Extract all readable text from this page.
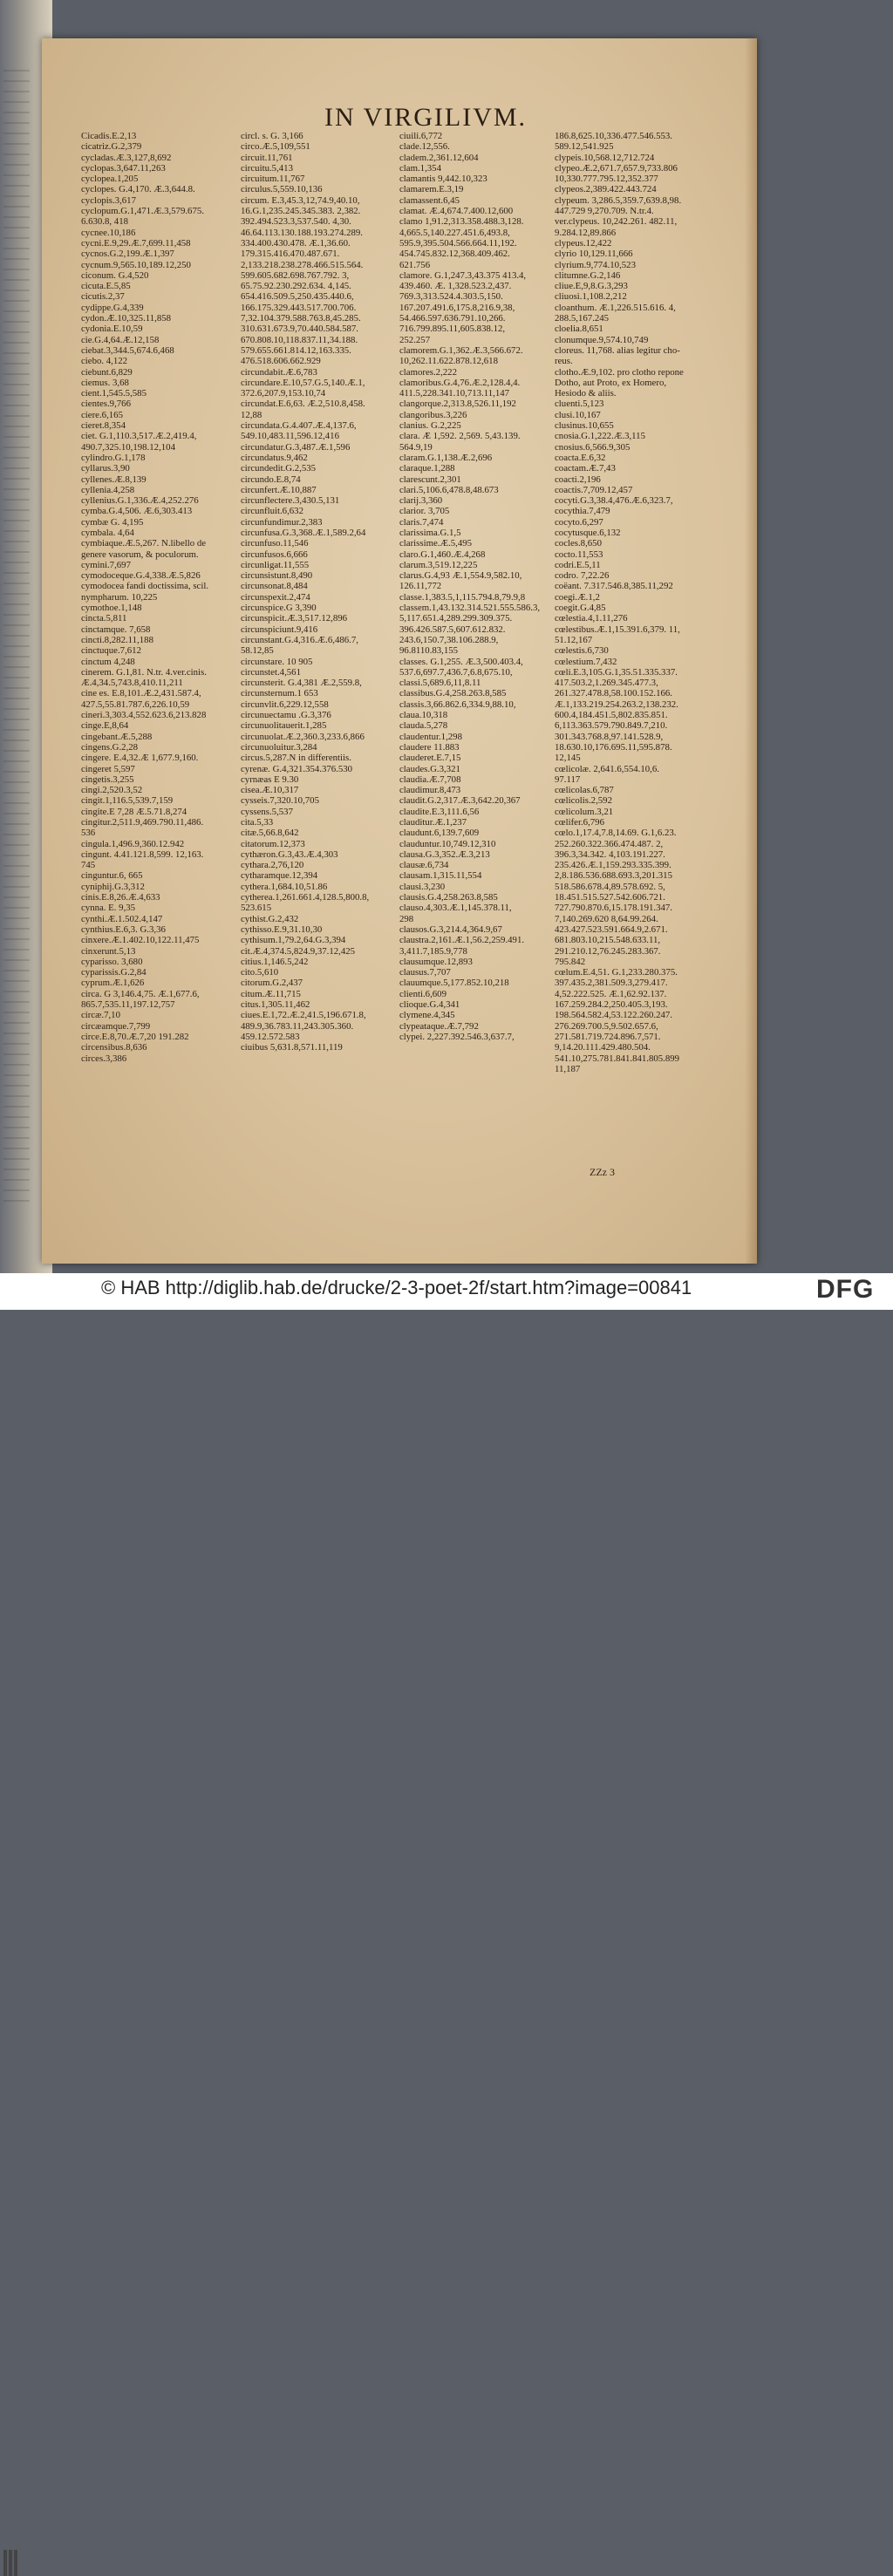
IN VIRGILIVM.
Cicadis.E.2,13
cicatriz.G.2,379
cycladas.Æ.3,127,8,692
cyclopas.3,647.11,263
cyclopea.1,205
cyclopes. G.4,170. Æ.3,644.8.
cyclopis.3,617
cyclopum.G.1,471.Æ.3,579.675.
6.630.8, 418
cycnee.10,186
cycni.E.9,29.Æ.7,699.11,458
cycnos.G.2,199.Æ.1,397
cycnum.9,565.10,189.12,250
ciconum. G.4,520
cicuta.E.5,85
cicutis.2,37
cydippe.G.4,339
cydon.Æ.10,325.11,858
cydonia.E.10,59
cie.G.4,64.Æ.12,158
ciebat.3,344.5,674.6,468
ciebo. 4,122
ciebunt.6,829
ciemus. 3,68
cient.1,545.5,585
cientes.9,766
ciere.6,165
cieret.8,354
ciet. G.1,110.3,517.Æ.2,419.4,
490.7,325.10,198.12,104
cylindro.G.1,178
cyllarus.3,90
cyllenes.Æ.8,139
cyllenia.4,258
cyllenius.G.1,336.Æ.4,252.276
cymba.G.4,506. Æ.6,303.413
cymbæ G. 4,195
cymbala. 4,64
cymbiaque.Æ.5,267. N.libello de
genere vasorum, & poculorum.
cymini.7,697
cymodoceque.G.4,338.Æ.5,826
cymodocea fandi doctissima, scil.
nympharum. 10,225
cymothoe.1,148
cincta.5,811
cinctamque. 7,658
cincti.8,282.11,188
cinctuque.7,612
cinctum 4,248
cinerem. G.1,81. N.tr. 4.ver.cinis.
Æ.4,34.5,743.8,410.11,211
cine es. E.8,101.Æ.2,431.587.4,
427.5,55.81.787.6,226.10,59
cineri.3,303.4,552.623.6,213.828
cinge.E,8,64
cingebant.Æ.5,288
cingens.G.2,28
cingere. E.4,32.Æ 1,677.9,160.
cingeret 5,597
cingetis.3,255
cingi.2,520.3,52
cingit.1,116.5,539.7,159
cingite.E 7,28 Æ.5.71.8,274
cingitur.2,511.9,469.790.11,486.
536
cingula.1,496.9,360.12.942
cingunt. 4.41.121.8,599. 12,163.
745
cinguntur.6, 665
cyniphij.G.3,312
cinis.E.8,26.Æ.4,633
cynna. E. 9,35
cynthi.Æ.1.502.4,147
cynthius.E.6,3. G.3,36
cinxere.Æ.1.402.10,122.11,475
cinxerunt.5,13
cyparisso. 3,680
cyparissis.G.2,84
cyprum.Æ.1,626
circa. G 3,146.4,75. Æ.1,677.6,
865.7,535.11,197.12,757
circæ.7,10
circæamque.7,799
circe.E.8,70.Æ.7,20 191.282
circensibus.8,636
circes.3,386
circl. s. G. 3,166
circo.Æ.5,109,551
circuit.11,761
circuitu.5,413
circuitum.11,767
circulus.5,559.10,136
circum. E.3,45.3,12,74.9,40.10,
16.G.1,235.245.345.383. 2,382.
392.494.523.3,537.540. 4,30.
46.64.113.130.188.193.274.289.
334.400.430.478. Æ.1,36.60.
179.315.416.470.487.671.
2,133.218.238.278.466.515.564.
599.605.682.698.767.792. 3,
65.75.92.230.292.634. 4,145.
654.416.509.5,250.435.440.6,
166.175.329.443.517.700.706.
7,32.104.379.588.763.8,45.285.
310.631.673.9,70.440.584.587.
670.808.10,118.837.11,34.188.
579.655.661.814.12,163.335.
476.518.606.662.929
circundabit.Æ.6,783
circundare.E.10,57.G.5,140.Æ.1,
372.6,207.9,153.10,74
circundat.E.6,63. Æ.2,510.8,458.
12,88
circundata.G.4.407.Æ.4,137.6,
549.10,483.11,596.12,416
circundatur.G.3,487.Æ.1,596
circundatus.9,462
circundedit.G.2,535
circundo.E.8,74
circunfert.Æ.10,887
circunflectere.3,430.5,131
circunfluit.6,632
circunfundimur.2,383
circunfusa.G.3,368.Æ.1,589.2,64
circunfuso.11,546
circunfusos.6,666
circunligat.11,555
circunsistunt.8,490
circunsonat.8,484
circunspexit.2,474
circunspice.G 3,390
circunspicit.Æ.3,517.12,896
circunspiciunt.9,416
circunstant.G.4,316.Æ.6,486.7,
58.12,85
circunstare. 10 905
circunstet.4,561
circunsterit. G.4,381 Æ.2,559.8,
circunsternum.1 653
circunvlit.6,229.12,558
circunuectamu .G.3,376
circunuolitauerit.1,285
circunuolat.Æ.2,360.3,233.6,866
circunuoluitur.3,284
circus.5,287.N in differentiis.
cyrenæ. G.4,321.354.376.530
cyrnæas E 9.30
cisea.Æ.10,317
cysseis.7,320.10,705
cyssens.5,537
cita.5,33
citæ.5,66.8,642
citatorum.12,373
cythæron.G.3,43.Æ.4,303
cythara.2,76,120
cytharamque.12,394
cythera.1,684.10,51.86
cytherea.1,261.661.4,128.5,800.8,
523.615
cythist.G.2,432
cythisso.E.9,31.10,30
cythisum.1,79.2,64.G.3,394
cit.Æ.4,374.5,824.9,37.12,425
citius.1,146.5,242
cito.5,610
citorum.G.2,437
citum.Æ.11,715
citus.1,305.11,462
ciues.E.1,72.Æ.2,41.5,196.671.8,
489.9,36.783.11,243.305.360.
459.12.572.583
ciuibus 5,631.8,571.11,119
ciuili.6,772
clade.12,556.
cladem.2,361.12,604
clam.1,354
clamantis 9,442.10,323
clamarem.E.3,19
clamassent.6,45
clamat. Æ.4,674.7.400.12,600
clamo 1,91.2,313.358.488.3,128.
4,665.5,140.227.451.6,493.8,
595.9,395.504.566.664.11,192.
454.745.832.12,368.409.462.
621.756
clamore. G.1,247.3,43.375 413.4,
439.460. Æ. 1,328.523.2,437.
769.3,313.524.4.303.5,150.
167.207.491.6,175.8,216.9,38,
54.466.597.636.791.10,266.
716.799.895.11,605.838.12,
252.257
clamorem.G.1,362.Æ.3,566.672.
10,262.11.622.878.12,618
clamores.2,222
clamoribus.G.4,76.Æ.2,128.4,4.
411.5,228.341.10,713.11,147
clangorque.2,313.8,526.11,192
clangoribus.3,226
clanius. G.2,225
clara. Æ 1,592. 2,569. 5,43.139.
564.9,19
claram.G.1,138.Æ.2,696
claraque.1,288
clarescunt.2,301
clari.5,106.6,478.8,48.673
clarij.3,360
clarior. 3,705
claris.7,474
clarissima.G.1,5
clarissime.Æ.5,495
claro.G.1,460.Æ.4,268
clarum.3,519.12,225
clarus.G.4,93 Æ.1,554.9,582.10,
126.11,772
classe.1,383.5,1,115.794.8,79.9,8
classem.1,43.132.314.521.555.586.3,
5,117.651.4,289.299.309.375.
396.426.587.5,607.612.832.
243.6,150.7,38.106.288.9,
96.8110.83,155
classes. G.1,255. Æ.3,500.403.4,
537.6,697.7,436.7,6.8,675.10,
classi.5,689.6,11,8.11
classibus.G.4,258.263.8,585
classis.3,66.862.6,334.9,88.10,
claua.10,318
clauda.5,278
claudentur.1,298
claudere 11.883
clauderet.E.7,15
claudes.G.3,321
claudia.Æ.7,708
claudimur.8,473
claudit.G.2,317.Æ.3,642.20,367
claudite.E.3,111.6,56
clauditur.Æ.1,237
claudunt.6,139.7,609
clauduntur.10,749.12,310
clausa.G.3,352.Æ.3,213
clausæ.6,734
clausam.1,315.11,554
clausi.3,230
clausis.G.4,258.263.8,585
clauso.4,303.Æ.1,145.378.11,
298
clausos.G.3,214.4,364.9,67
claustra.2,161.Æ.1,56.2,259.491.
3,411.7,185.9,778
clausumque.12,893
clausus.7,707
clauumque.5,177.852.10,218
clienti.6,609
clioque.G.4,341
clymene.4,345
clypeataque.Æ.7,792
clypei. 2,227.392.546.3,637.7,
186.8,625.10,336.477.546.553.
589.12,541.925
clypeis.10,568.12,712.724
clypeo.Æ.2,671.7,657.9,733.806
10,330.777.795.12,352.377
clypeos.2,389.422.443.724
clypeum. 3,286.5,359.7,639.8,98.
447.729 9,270.709. N.tr.4.
ver.clypeus. 10,242.261. 482.11,
9.284.12,89.866
clypeus.12,422
clyrio 10,129.11,666
clyrium.9,774.10,523
clitumne.G.2,146
cliue.E,9,8.G.3,293
cliuosi.1,108.2,212
cloanthum. Æ.1,226.515.616. 4,
288.5,167.245
cloelia.8,651
clonumque.9,574.10,749
cloreus. 11,768. alias legitur cho-
reus.
clotho.Æ.9,102. pro clotho repone
Dotho, aut Proto, ex Homero,
Hesiodo & aliis.
cluenti.5,123
clusi.10,167
clusinus.10,655
cnosia.G.1,222.Æ.3,115
cnosius.6,566.9,305
coacta.E.6,32
coactam.Æ.7,43
coacti.2,196
coactis.7,709.12,457
cocyti.G.3,38.4,476.Æ.6,323.7,
cocythia.7,479
cocyto.6,297
cocytusque.6,132
cocles.8,650
cocto.11,553
codri.E.5,11
codro. 7,22.26
coëant. 7.317.546.8,385.11,292
coegi.Æ.1,2
coegit.G.4,85
cœlestia.4,1.11,276
cœlestibus.Æ.1,15.391.6,379. 11,
51.12,167
cœlestis.6,730
cœlestium.7,432
cœli.E.3,105.G.1,35.51.335.337.
417.503.2,1.269.345.477.3,
261.327.478.8,58.100.152.166.
Æ.1,133.219.254.263.2,138.232.
600.4,184.451.5,802.835.851.
6,113.363.579.790.849.7,210.
301.343.768.8,97.141.528.9,
18.630.10,176.695.11,595.878.
12,145
cœlicolæ. 2,641.6,554.10,6.
97.117
cœlicolas.6,787
cœlicolis.2,592
cœlicolum.3,21
cœlifer.6,796
cœlo.1,17.4,7.8,14.69. G.1,6.23.
252.260.322.366.474.487. 2,
396.3,34.342. 4,103.191.227.
235.426.Æ.1,159.293.335.399.
2,8.186.536.688.693.3,201.315
518.586.678.4,89.578.692. 5,
18.451.515.527.542.606.721.
727.790.870.6,15.178.191.347.
7,140.269.620 8,64.99.264.
423.427.523.591.664.9,2.671.
681.803.10,215.548.633.11,
291.210.12,76.245.283.367.
795.842
cœlum.E.4,51. G.1,233.280.375.
397.435.2,381.509.3,279.417.
4,52.222.525. Æ.1,62.92.137.
167.259.284.2,250.405.3,193.
198.564.582.4,53.122.260.247.
276.269.700.5,9.502.657.6,
271.581.719.724.896.7,571.
9,14.20.111.429.480.504.
541.10,275.781.841.841.805.899
11,187
ZZz 3
© HAB http://diglib.hab.de/drucke/2-3-poet-2f/start.htm?image=00841	DFG
